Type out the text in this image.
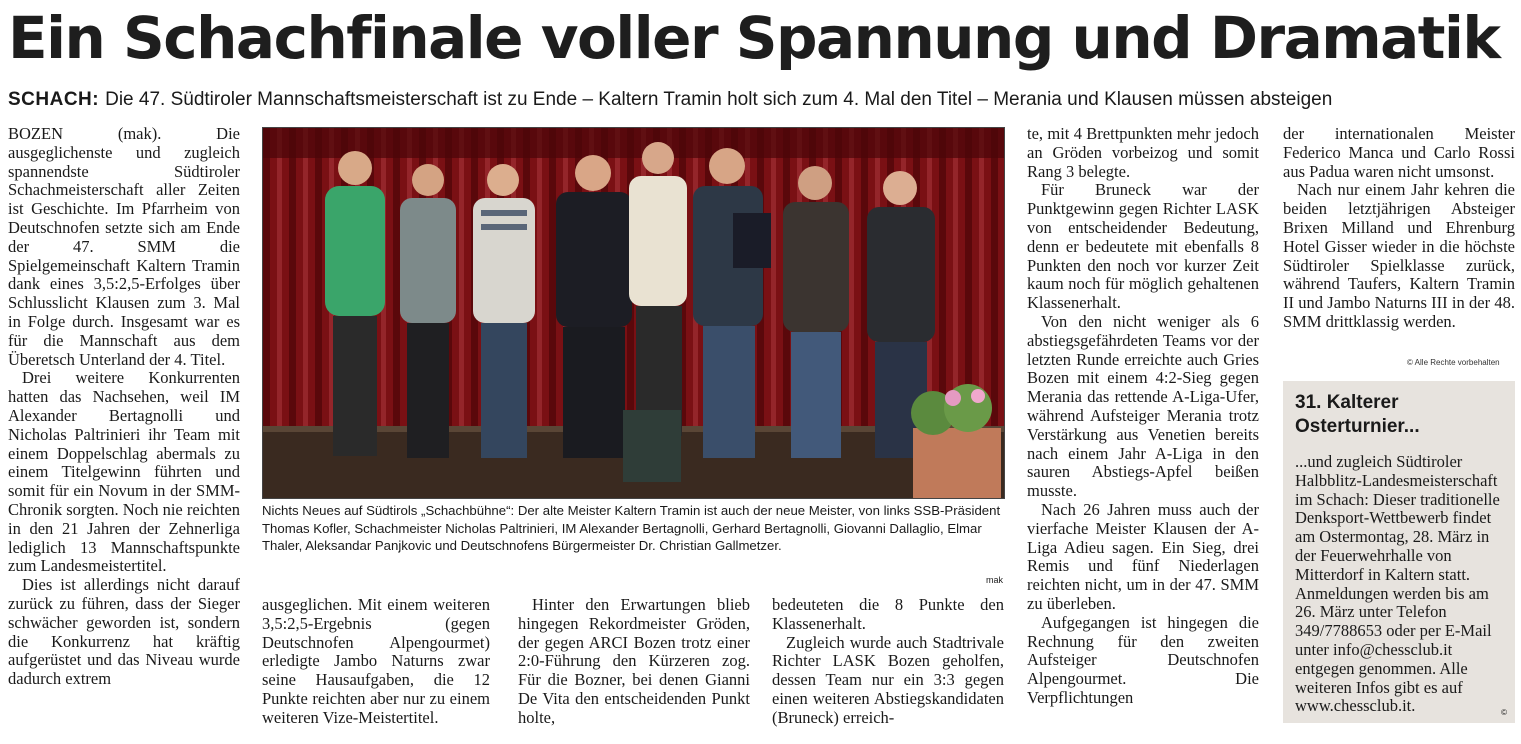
Ein Schachfinale voller Spannung und Dramatik
SCHACH: Die 47. Südtiroler Mannschaftsmeisterschaft ist zu Ende – Kaltern Tramin holt sich zum 4. Mal den Titel – Merania und Klausen müssen absteigen

BOZEN (mak). Die ausgeglichenste und zugleich spannendste Südtiroler Schachmeisterschaft aller Zeiten ist Geschichte. Im Pfarrheim von Deutschnofen setzte sich am Ende der 47. SMM die Spielgemeinschaft Kaltern Tramin dank eines 3,5:2,5-Erfolges über Schlusslicht Klausen zum 3. Mal in Folge durch. Insgesamt war es für die Mannschaft aus dem Überetsch Unterland der 4. Titel.

Drei weitere Konkurrenten hatten das Nachsehen, weil IM Alexander Bertagnolli und Nicholas Paltrinieri ihr Team mit einem Doppelschlag abermals zu einem Titelgewinn führten und somit für ein Novum in der SMM-Chronik sorgten. Noch nie reichten in den 21 Jahren der Zehnerliga lediglich 13 Mannschaftspunkte zum Landesmeistertitel.

Dies ist allerdings nicht darauf zurück zu führen, dass der Sieger schwächer geworden ist, sondern die Konkurrenz hat kräftig aufgerüstet und das Niveau wurde dadurch extrem

Nichts Neues auf Südtirols „Schachbühne“: Der alte Meister Kaltern Tramin ist auch der neue Meister, von links SSB-Präsident Thomas Kofler, Schachmeister Nicholas Paltrinieri, IM Alexander Bertagnolli, Gerhard Bertagnolli, Giovanni Dallaglio, Elmar Thaler, Aleksandar Panjkovic und Deutschnofens Bürgermeister Dr. Christian Gallmetzer.
mak

ausgeglichen. Mit einem weiteren 3,5:2,5-Ergebnis (gegen Deutschnofen Alpengourmet) erledigte Jambo Naturns zwar seine Hausaufgaben, die 12 Punkte reichten aber nur zu einem weiteren Vize-Meistertitel.

Hinter den Erwartungen blieb hingegen Rekordmeister Gröden, der gegen ARCI Bozen trotz einer 2:0-Führung den Kürzeren zog. Für die Bozner, bei denen Gianni De Vita den entscheidenden Punkt holte,

bedeuteten die 8 Punkte den Klassenerhalt.

Zugleich wurde auch Stadtrivale Richter LASK Bozen geholfen, dessen Team nur ein 3:3 gegen einen weiteren Abstiegskandidaten (Bruneck) erreich-

te, mit 4 Brettpunkten mehr jedoch an Gröden vorbeizog und somit Rang 3 belegte.

Für Bruneck war der Punktgewinn gegen Richter LASK von entscheidender Bedeutung, denn er bedeutete mit ebenfalls 8 Punkten den noch vor kurzer Zeit kaum noch für möglich gehaltenen Klassenerhalt.

Von den nicht weniger als 6 abstiegsgefährdeten Teams vor der letzten Runde erreichte auch Gries Bozen mit einem 4:2-Sieg gegen Merania das rettende A-Liga-Ufer, während Aufsteiger Merania trotz Verstärkung aus Venetien bereits nach einem Jahr A-Liga in den sauren Abstiegs-Apfel beißen musste.

Nach 26 Jahren muss auch der vierfache Meister Klausen der A-Liga Adieu sagen. Ein Sieg, drei Remis und fünf Niederlagen reichten nicht, um in der 47. SMM zu überleben.

Aufgegangen ist hingegen die Rechnung für den zweiten Aufsteiger Deutschnofen Alpengourmet. Die Verpflichtungen

der internationalen Meister Federico Manca und Carlo Rossi aus Padua waren nicht umsonst.

Nach nur einem Jahr kehren die beiden letztjährigen Absteiger Brixen Milland und Ehrenburg Hotel Gisser wieder in die höchste Südtiroler Spielklasse zurück, während Taufers, Kaltern Tramin II und Jambo Naturns III in der 48. SMM drittklassig werden.

© Alle Rechte vorbehalten
31. Kalterer Osterturnier...
...und zugleich Südtiroler Halbblitz-Landesmeisterschaft im Schach: Dieser traditionelle Denksport-Wettbewerb findet am Ostermontag, 28. März in der Feuerwehrhalle von Mitterdorf in Kaltern statt. Anmeldungen werden bis am 26. März unter Telefon 349/7788653 oder per E-Mail unter info@chessclub.it entgegen genommen. Alle weiteren Infos gibt es auf www.chessclub.it.	©
